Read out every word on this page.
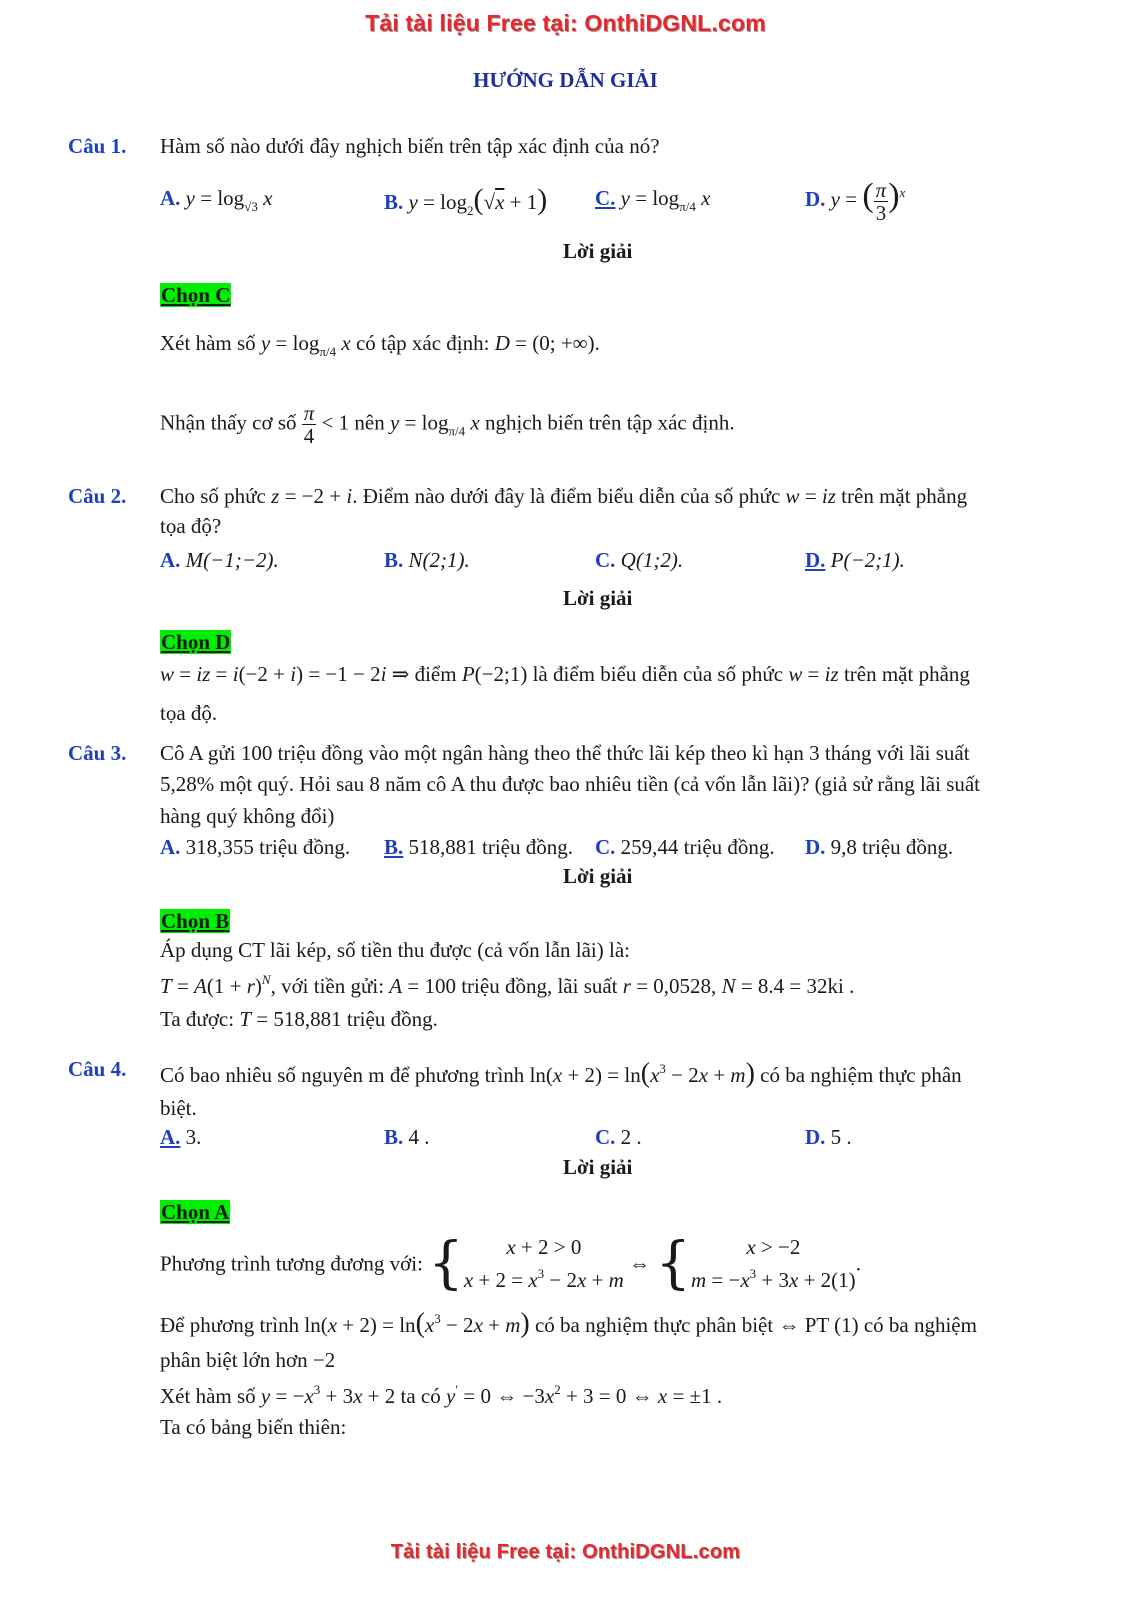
Tải tài liệu Free tại: OnthiDGNL.com
HƯỚNG DẪN GIẢI
Câu 1. Hàm số nào dưới đây nghịch biến trên tập xác định của nó?
A. $y = \log_{√3} x$	B. $y = \log_2(√x + 1)$ C. $y = \log_{\pi/4} x$	D. y = ( $\frac{\pi}{3} )^x$
Lời giải
Chọn C
Xét hàm số $y = \log_{\pi/4} x$ có tập xác định: D = (0; +∞).
Nhận thấy cơ số $\frac{\pi}{4} < 1$ nên $y = \log_{\pi/4} x$ nghịch biến trên tập xác định.
Câu 2. Cho số phức z = −2 + i. Điểm nào dưới đây là điểm biểu diễn của số phức w = iz trên mặt phẳng
tọa độ?
A. M(−1;−2).	B. N(2;1).	C. Q(1;2).	D. P(−2;1).
Lời giải
Chọn D
w = iz = i(−2 + i) = −1 − 2i ⇒ điểm P(−2;1) là điểm biểu diễn của số phức w = iz trên mặt phẳng
tọa độ.
Câu 3. Cô A gửi 100 triệu đồng vào một ngân hàng theo thể thức lãi kép theo kì hạn 3 tháng với lãi suất
5,28% một quý. Hỏi sau 8 năm cô A thu được bao nhiêu tiền (cả vốn lẫn lãi)? (giả sử rằng lãi suất
hàng quý không đổi)
A. 318,355 triệu đồng. B. 518,881 triệu đồng. C. 259,44 triệu đồng. D. 9,8 triệu đồng.
Lời giải
Chọn B
Áp dụng CT lãi kép, số tiền thu được (cả vốn lẫn lãi) là:
$T = A(1 + r)^N$, với tiền gửi: A = 100 triệu đồng, lãi suất r = 0,0528, N = 8.4 = 32ki .
Ta được: T = 518,881 triệu đồng.
Câu 4. Có bao nhiêu số nguyên m để phương trình $\ln(x + 2) = \ln(x^3 - 2x + m)$ có ba nghiệm thực phân
biệt.
A. 3.	B. 4 .	C. 2 .	D. 5 .
Lời giải
Chọn A
Phương trình tương đương với: {	x + 2 > 0
$x + 2 = x^3 - 2x + m$
⇔ {	x > −2
$m = -x^3 + 3x + 2(1)$
.
Để phương trình $\ln(x + 2) = \ln(x^3 - 2x + m)$ có ba nghiệm thực phân biệt ⇔ PT (1) có ba nghiệm
phân biệt lớn hơn −2
Xét hàm số $y = -x^3 + 3x + 2$ ta có y′ = 0 ⇔ $-3x^2 + 3 = 0$ ⇔ x = ±1 .
Ta có bảng biến thiên:
Tải tài liệu Free tại: OnthiDGNL.com
